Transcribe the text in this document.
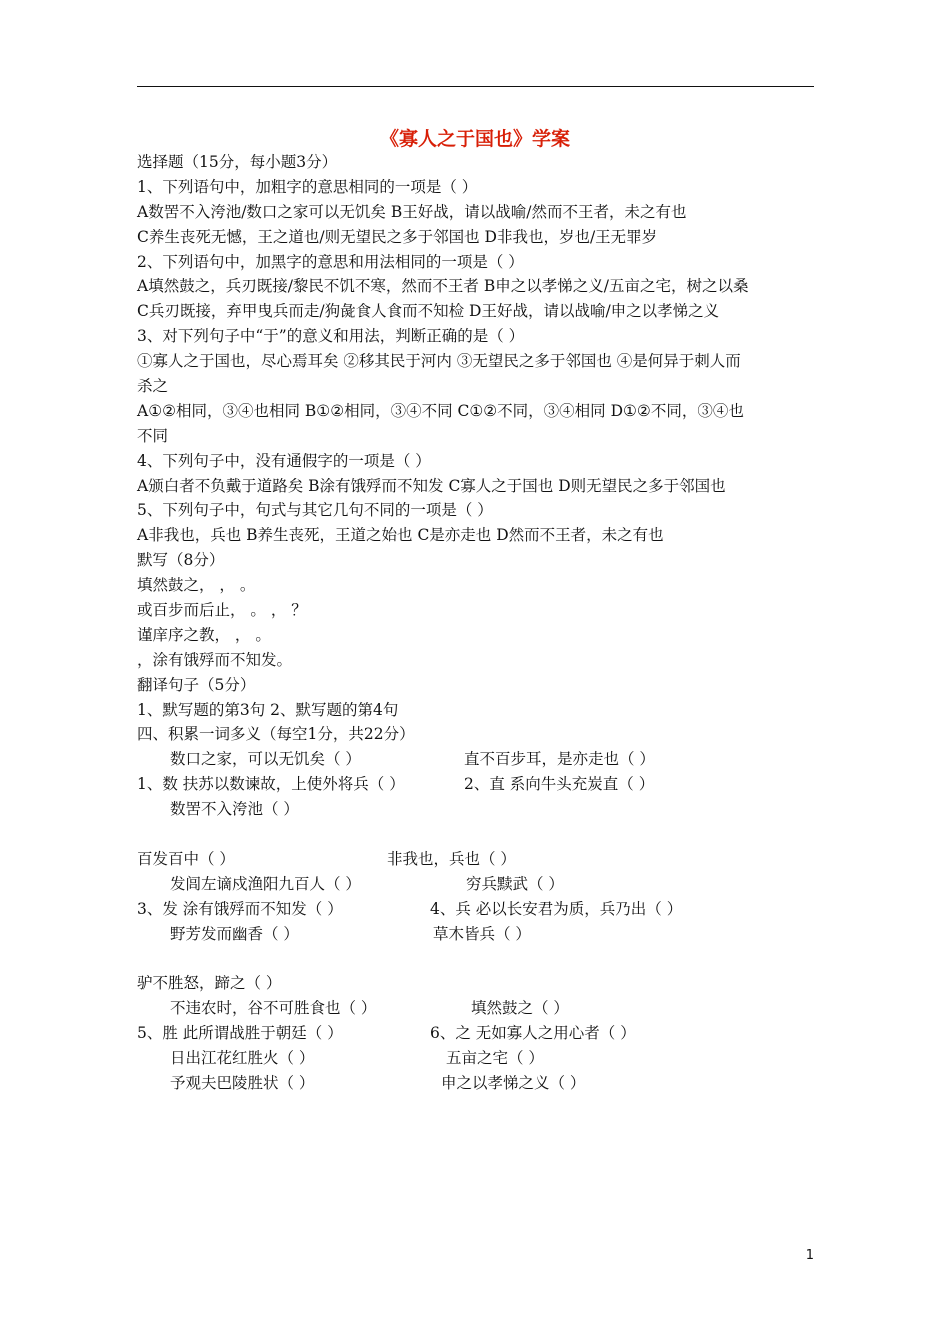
《寡人之于国也》学案
选择题（15分，每小题3分）
1、下列语句中，加粗字的意思相同的一项是（ ）
A数罟不入洿池/数口之家可以无饥矣 B王好战，请以战喻/然而不王者，未之有也
C养生丧死无憾，王之道也/则无望民之多于邻国也 D非我也，岁也/王无罪岁
2、下列语句中，加黑字的意思和用法相同的一项是（ ）
A填然鼓之，兵刃既接/黎民不饥不寒，然而不王者 B申之以孝悌之义/五亩之宅，树之以桑
C兵刃既接，弃甲曳兵而走/狗彘食人食而不知检 D王好战，请以战喻/申之以孝悌之义
3、对下列句子中“于”的意义和用法，判断正确的是（ ）
①寡人之于国也，尽心焉耳矣 ②移其民于河内 ③无望民之多于邻国也 ④是何异于刺人而
杀之
A①②相同，③④也相同 B①②相同，③④不同 C①②不同，③④相同 D①②不同，③④也
不同
4、下列句子中，没有通假字的一项是（ ）
A颁白者不负戴于道路矣 B涂有饿殍而不知发 C寡人之于国也 D则无望民之多于邻国也
5、下列句子中，句式与其它几句不同的一项是（ ）
A非我也，兵也 B养生丧死，王道之始也 C是亦走也 D然而不王者，未之有也
默写（8分）
填然鼓之， ， 。
或百步而后止， 。 ， ？
谨庠序之教， ， 。
，涂有饿殍而不知发。
翻译句子（5分）
1、默写题的第3句 2、默写题的第4句
四、积累一词多义（每空1分，共22分）
数口之家，可以无饥矣（ ）	直不百步耳，是亦走也（ ）
1、数 扶苏以数谏故，上使外将兵（ ）	2、直 系向牛头充炭直（ ）
数罟不入洿池（ ）
百发百中（ ）	非我也，兵也（ ）
发闾左谪戍渔阳九百人（ ）	穷兵黩武（ ）
3、发 涂有饿殍而不知发（ ）	4、兵 必以长安君为质，兵乃出（ ）
野芳发而幽香（ ）	草木皆兵（ ）
驴不胜怒，蹄之（ ）
不违农时，谷不可胜食也（ ）	填然鼓之（ ）
5、胜 此所谓战胜于朝廷（ ）	6、之 无如寡人之用心者（ ）
日出江花红胜火（ ）	五亩之宅（ ）
予观夫巴陵胜状（ ）	申之以孝悌之义（ ）
1
